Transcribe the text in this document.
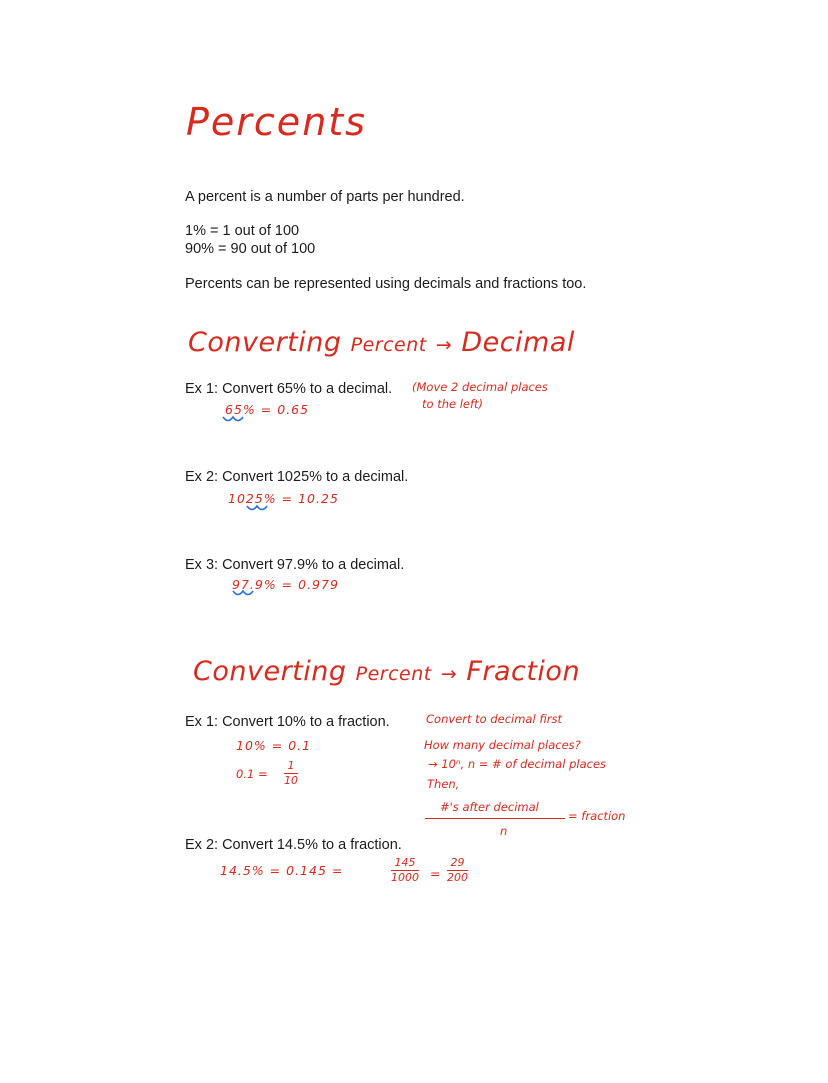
Percents
A percent is a number of parts per hundred.
1% = 1 out of 100
90% = 90 out of 100
Percents can be represented using decimals and fractions too.
Converting Percent → Decimal
Ex 1: Convert 65% to a decimal. (Move 2 decimal places
to the left)
65% = 0.65
Ex 2: Convert 1025% to a decimal.
1025% = 10.25
Ex 3: Convert 97.9% to a decimal.
97.9% = 0.979
Converting Percent → Fraction
Ex 1: Convert 10% to a fraction.
10% = 0.1
0.1 =
1
10
Convert to decimal first
How many decimal places?
→ 10ⁿ, n = # of decimal places
Then,
#'s after decimal
n
= fraction
Ex 2: Convert 14.5% to a fraction.
14.5% = 0.145 =
145
1000 =
29
200
